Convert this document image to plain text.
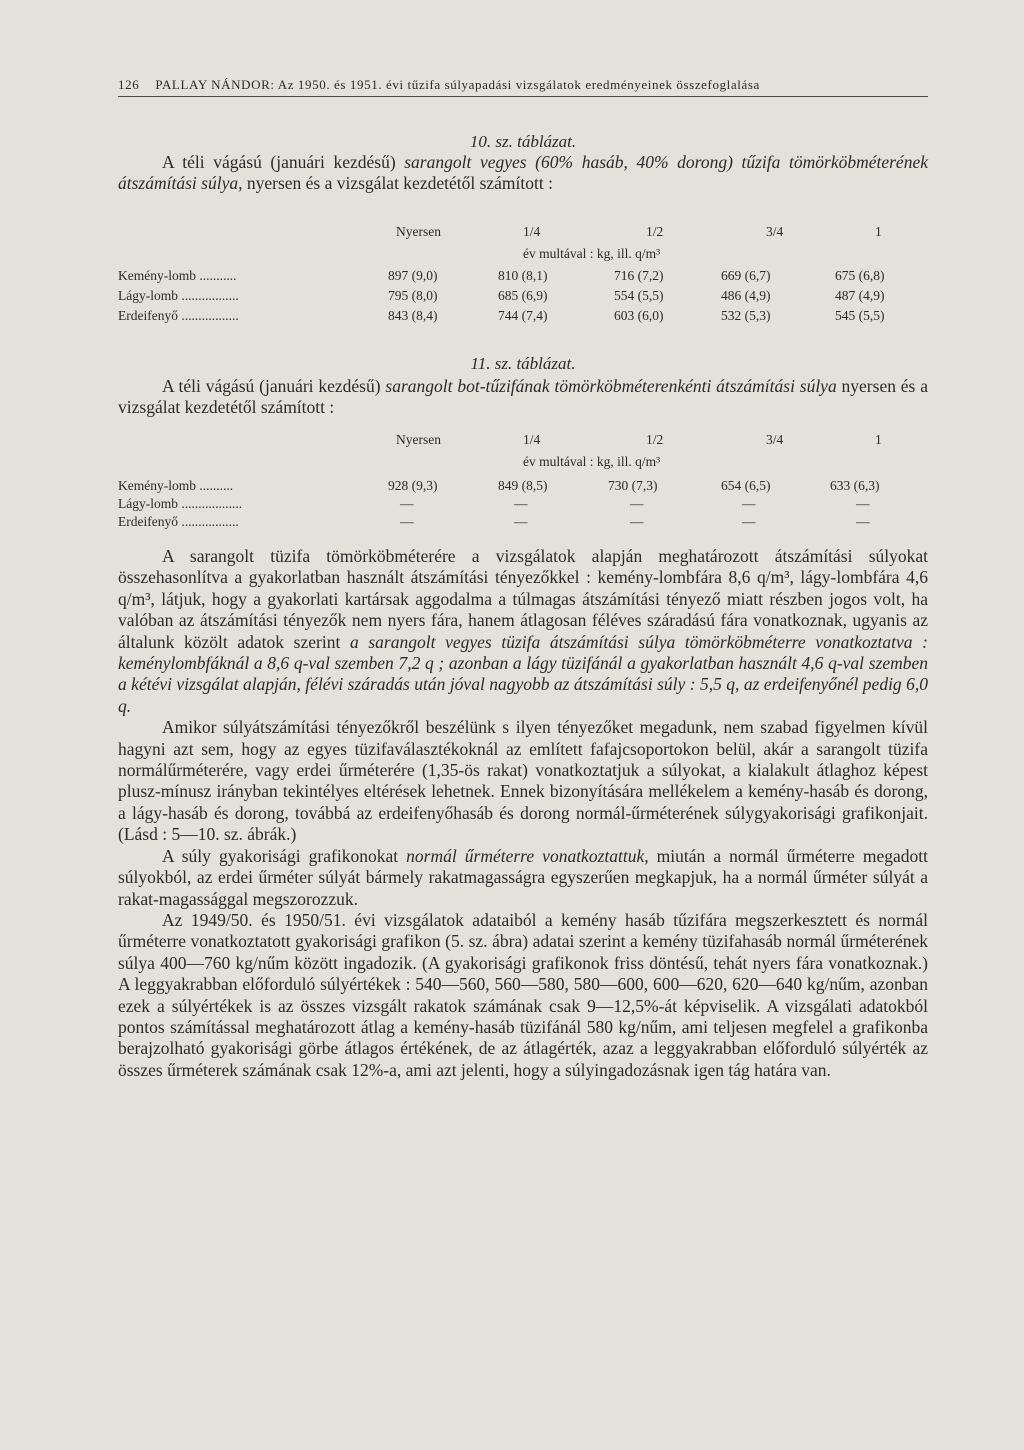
126 PALLAY NÁNDOR: Az 1950. és 1951. évi tűzifa súlyapadási vizsgálatok eredményeinek összefoglalása
10. sz. táblázat.
A téli vágású (januári kezdésű) sarangolt vegyes (60% hasáb, 40% dorong) tűzifa tömörköbméterének átszámítási súlya, nyersen és a vizsgálat kezdetétől számított :
Nyersen	1/4	1/2	3/4	1
év multával : kg, ill. q/m³
Kemény-lomb ...........	897 (9,0)	810 (8,1)	716 (7,2)	669 (6,7)	675 (6,8)
Lágy-lomb .................	795 (8,0)	685 (6,9)	554 (5,5)	486 (4,9)	487 (4,9)
Erdeifenyő .................	843 (8,4)	744 (7,4)	603 (6,0)	532 (5,3)	545 (5,5)
11. sz. táblázat.
A téli vágású (januári kezdésű) sarangolt bot-tűzifának tömörköbméterenkénti átszámítási súlya nyersen és a vizsgálat kezdetétől számított :
Nyersen	1/4	1/2	3/4	1
év multával : kg, ill. q/m³
Kemény-lomb ..........	928 (9,3)	849 (8,5)	730 (7,3)	654 (6,5)	633 (6,3)
Lágy-lomb ..................	—	—	—	—	—
Erdeifenyő .................	—	—	—	—	—

A sarangolt tüzifa tömörköbméterére a vizsgálatok alapján meghatározott átszámítási súlyokat összehasonlítva a gyakorlatban használt átszámítási tényezőkkel : kemény-lombfára 8,6 q/m³, lágy-lombfára 4,6 q/m³, látjuk, hogy a gyakorlati kartársak aggodalma a túlmagas átszámítási tényező miatt részben jogos volt, ha valóban az átszámítási tényezők nem nyers fára, hanem átlagosan féléves száradású fára vonatkoznak, ugyanis az általunk közölt adatok szerint a sarangolt vegyes tüzifa átszámítási súlya tömörköbméterre vonatkoztatva : keménylombfáknál a 8,6 q-val szemben 7,2 q ; azonban a lágy tüzifánál a gyakorlatban használt 4,6 q-val szemben a kétévi vizsgálat alapján, félévi száradás után jóval nagyobb az átszámítási súly : 5,5 q, az erdeifenyőnél pedig 6,0 q.

Amikor súlyátszámítási tényezőkről beszélünk s ilyen tényezőket megadunk, nem szabad figyelmen kívül hagyni azt sem, hogy az egyes tüzifaválasztékoknál az említett fafajcsoportokon belül, akár a sarangolt tüzifa normálűrméterére, vagy erdei űrméterére (1,35-ös rakat) vonatkoztatjuk a súlyokat, a kialakult átlaghoz képest plusz-mínusz irányban tekintélyes eltérések lehetnek. Ennek bizonyítására mellékelem a kemény-hasáb és dorong, a lágy-hasáb és dorong, továbbá az erdeifenyőhasáb és dorong normál-űrméterének súlygyakorisági grafikonjait. (Lásd : 5—10. sz. ábrák.)

A súly gyakorisági grafikonokat normál űrméterre vonatkoztattuk, miután a normál űrméterre megadott súlyokból, az erdei űrméter súlyát bármely rakatmagasságra egyszerűen megkapjuk, ha a normál űrméter súlyát a rakat-magassággal megszorozzuk.

Az 1949/50. és 1950/51. évi vizsgálatok adataiból a kemény hasáb tűzifára megszerkesztett és normál űrméterre vonatkoztatott gyakorisági grafikon (5. sz. ábra) adatai szerint a kemény tüzifahasáb normál űrméterének súlya 400—760 kg/nűm között ingadozik. (A gyakorisági grafikonok friss döntésű, tehát nyers fára vonatkoznak.) A leggyakrabban előforduló súlyértékek : 540—560, 560—580, 580—600, 600—620, 620—640 kg/nűm, azonban ezek a súlyértékek is az összes vizsgált rakatok számának csak 9—12,5%-át képviselik. A vizsgálati adatokból pontos számítással meghatározott átlag a kemény-hasáb tüzifánál 580 kg/nűm, ami teljesen megfelel a grafikonba berajzolható gyakorisági görbe átlagos értékének, de az átlagérték, azaz a leggyakrabban előforduló súlyérték az összes űrméterek számának csak 12%-a, ami azt jelenti, hogy a súlyingadozásnak igen tág határa van.
